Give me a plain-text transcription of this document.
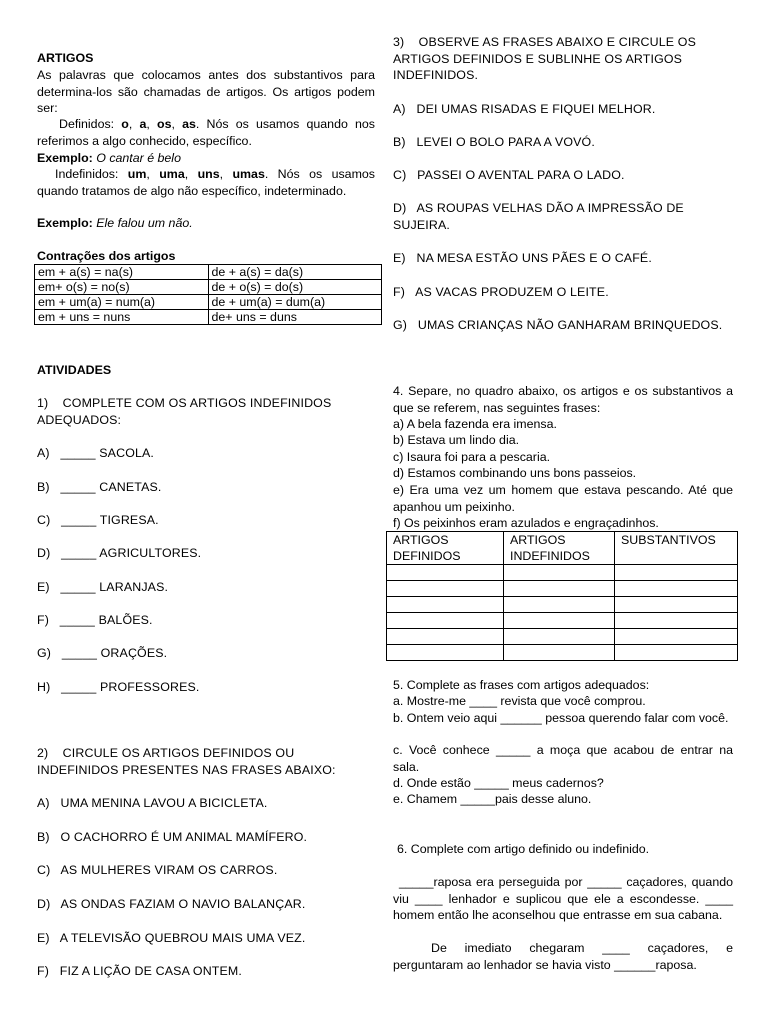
ARTIGOS
As palavras que colocamos antes dos substantivos para determina-los são chamadas de artigos. Os artigos podem ser:
Definidos: o, a, os, as. Nós os usamos quando nos referimos a algo conhecido, específico.
Exemplo: O cantar é belo
Indefinidos: um, uma, uns, umas. Nós os usamos quando tratamos de algo não específico, indeterminado.
Exemplo: Ele falou um não.
Contrações dos artigos
em + a(s) = na(s)	de + a(s) = da(s)
em+ o(s) = no(s)	de + o(s) = do(s)
em + um(a) = num(a)	de + um(a) = dum(a)
em + uns = nuns	de+ uns = duns
ATIVIDADES
1)    COMPLETE COM OS ARTIGOS INDEFINIDOS ADEQUADOS:
A)   _____ SACOLA.
B)   _____ CANETAS.
C)   _____ TIGRESA.
D)   _____ AGRICULTORES.
E)   _____ LARANJAS.
F)   _____ BALÕES.
G)   _____ ORAÇÕES.
H)   _____ PROFESSORES.
2)    CIRCULE OS ARTIGOS DEFINIDOS OU INDEFINIDOS PRESENTES NAS FRASES ABAIXO:
A)   UMA MENINA LAVOU A BICICLETA.
B)   O CACHORRO É UM ANIMAL MAMÍFERO.
C)   AS MULHERES VIRAM OS CARROS.
D)   AS ONDAS FAZIAM O NAVIO BALANÇAR.
E)   A TELEVISÃO QUEBROU MAIS UMA VEZ.
F)   FIZ A LIÇÃO DE CASA ONTEM.
3)    OBSERVE AS FRASES ABAIXO E CIRCULE OS ARTIGOS DEFINIDOS E SUBLINHE OS ARTIGOS INDEFINIDOS.
A)   DEI UMAS RISADAS E FIQUEI MELHOR.
B)   LEVEI O BOLO PARA A VOVÓ.
C)   PASSEI O AVENTAL PARA O LADO.
D)   AS ROUPAS VELHAS DÃO A IMPRESSÃO DE SUJEIRA.
E)   NA MESA ESTÃO UNS PÃES E O CAFÉ.
F)   AS VACAS PRODUZEM O LEITE.
G)   UMAS CRIANÇAS NÃO GANHARAM BRINQUEDOS.
4. Separe, no quadro abaixo, os artigos e os substantivos a que se referem, nas seguintes frases:
a) A bela fazenda era imensa.
b) Estava um lindo dia.
c) Isaura foi para a pescaria.
d) Estamos combinando uns bons passeios.
e) Era uma vez um homem que estava pescando. Até que apanhou um peixinho.
f) Os peixinhos eram azulados e engraçadinhos.
ARTIGOS DEFINIDOS	ARTIGOS INDEFINIDOS	SUBSTANTIVOS

5. Complete as frases com artigos adequados:
a. Mostre-me ____ revista que você comprou.
b. Ontem veio aqui ______ pessoa querendo falar com você.
c. Você conhece _____ a moça que acabou de entrar na sala.
d. Onde estão _____ meus cadernos?
e. Chamem _____pais desse aluno.
6. Complete com artigo definido ou indefinido.
_____raposa era perseguida por _____ caçadores, quando viu ____ lenhador e suplicou que ele a escondesse. ____ homem então lhe aconselhou que entrasse em sua cabana.
De imediato chegaram ____ caçadores, e perguntaram ao lenhador se havia visto ______raposa.
